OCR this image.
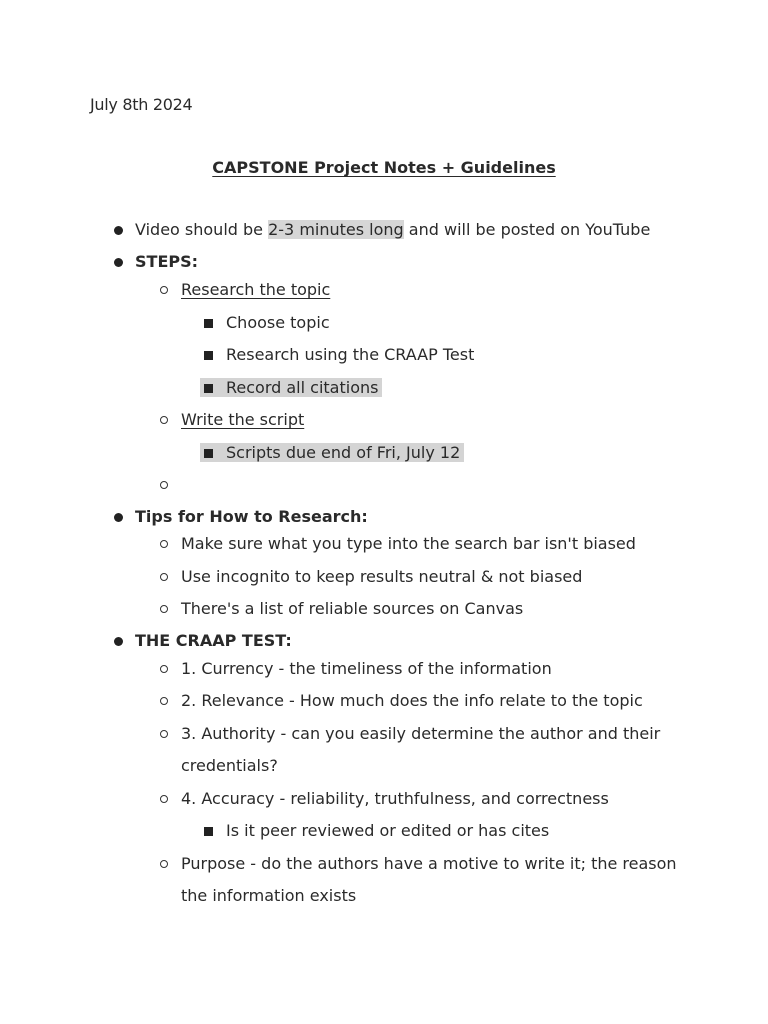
July 8th 2024
CAPSTONE Project Notes + Guidelines
Video should be 2-3 minutes long and will be posted on YouTube
STEPS:
Research the topic
Choose topic
Research using the CRAAP Test
Record all citations
Write the script
Scripts due end of Fri, July 12
Tips for How to Research:
Make sure what you type into the search bar isn't biased
Use incognito to keep results neutral & not biased
There's a list of reliable sources on Canvas
THE CRAAP TEST:
1. Currency - the timeliness of the information
2. Relevance - How much does the info relate to the topic
3. Authority - can you easily determine the author and their credentials?
4. Accuracy - reliability, truthfulness, and correctness
Is it peer reviewed or edited or has cites
Purpose - do the authors have a motive to write it; the reason the information exists
